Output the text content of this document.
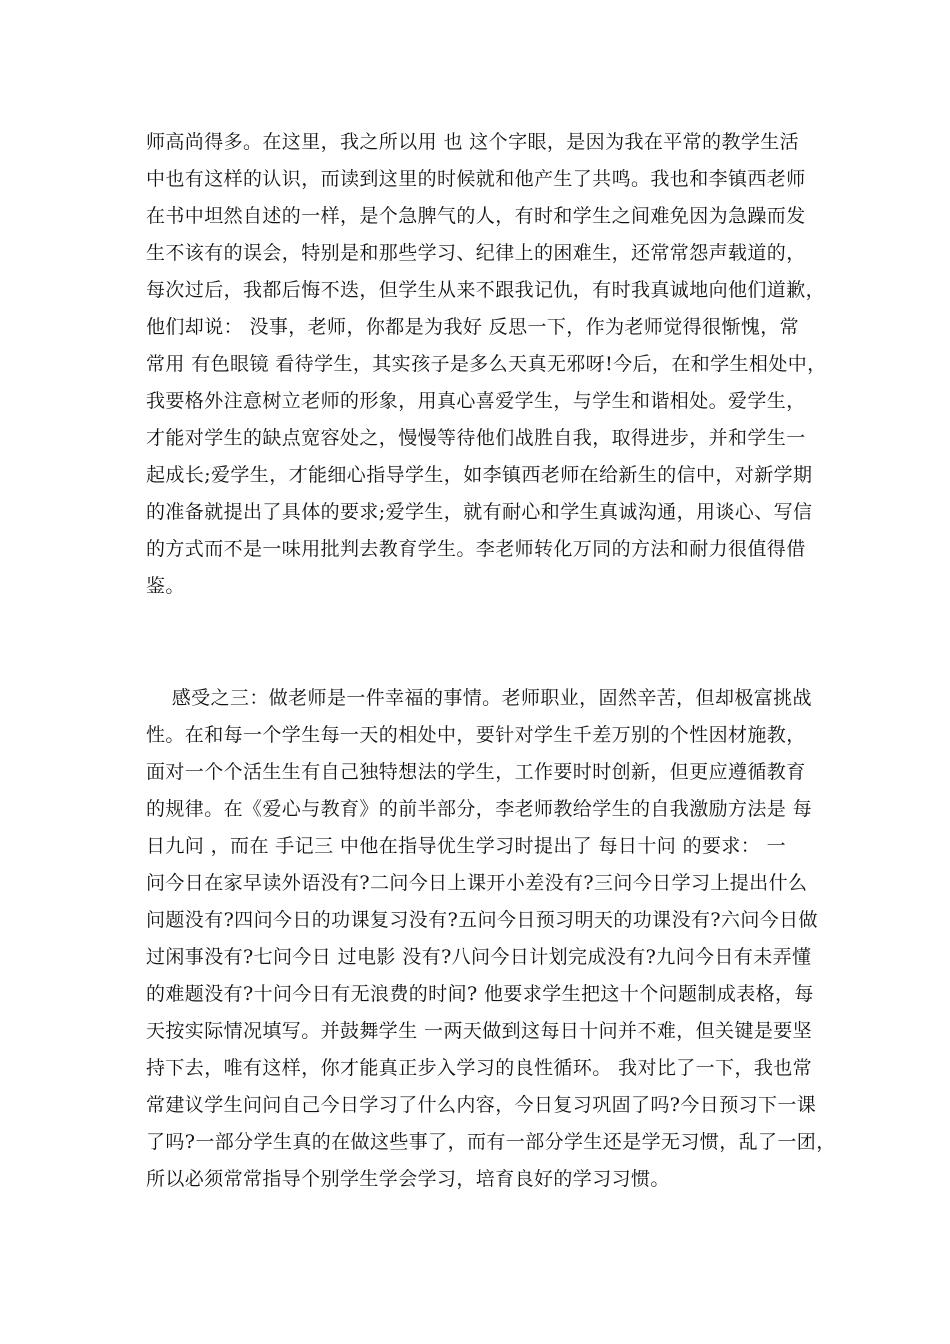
师高尚得多。在这里，我之所以用 也 这个字眼，是因为我在平常的教学生活
中也有这样的认识，而读到这里的时候就和他产生了共鸣。我也和李镇西老师
在书中坦然自述的一样，是个急脾气的人，有时和学生之间难免因为急躁而发
生不该有的误会，特别是和那些学习、纪律上的困难生，还常常怨声载道的，
每次过后，我都后悔不迭，但学生从来不跟我记仇，有时我真诚地向他们道歉，
他们却说： 没事，老师，你都是为我好 反思一下，作为老师觉得很惭愧，常
常用 有色眼镜 看待学生，其实孩子是多么天真无邪呀!今后，在和学生相处中，
我要格外注意树立老师的形象，用真心喜爱学生，与学生和谐相处。爱学生，
才能对学生的缺点宽容处之，慢慢等待他们战胜自我，取得进步，并和学生一
起成长;爱学生，才能细心指导学生，如李镇西老师在给新生的信中，对新学期
的准备就提出了具体的要求;爱学生，就有耐心和学生真诚沟通，用谈心、写信
的方式而不是一味用批判去教育学生。李老师转化万同的方法和耐力很值得借
鉴。
感受之三：做老师是一件幸福的事情。老师职业，固然辛苦，但却极富挑战
性。在和每一个学生每一天的相处中，要针对学生千差万别的个性因材施教，
面对一个个活生生有自己独特想法的学生，工作要时时创新，但更应遵循教育
的规律。在《爱心与教育》的前半部分，李老师教给学生的自我激励方法是 每
日九问 ，而在 手记三 中他在指导优生学习时提出了 每日十问 的要求： 一
问今日在家早读外语没有?二问今日上课开小差没有?三问今日学习上提出什么
问题没有?四问今日的功课复习没有?五问今日预习明天的功课没有?六问今日做
过闲事没有?七问今日 过电影 没有?八问今日计划完成没有?九问今日有未弄懂
的难题没有?十问今日有无浪费的时间? 他要求学生把这十个问题制成表格，每
天按实际情况填写。并鼓舞学生 一两天做到这每日十问并不难，但关键是要坚
持下去，唯有这样，你才能真正步入学习的良性循环。 我对比了一下，我也常
常建议学生问问自己今日学习了什么内容，今日复习巩固了吗?今日预习下一课
了吗?一部分学生真的在做这些事了，而有一部分学生还是学无习惯，乱了一团，
所以必须常常指导个别学生学会学习，培育良好的学习习惯。
